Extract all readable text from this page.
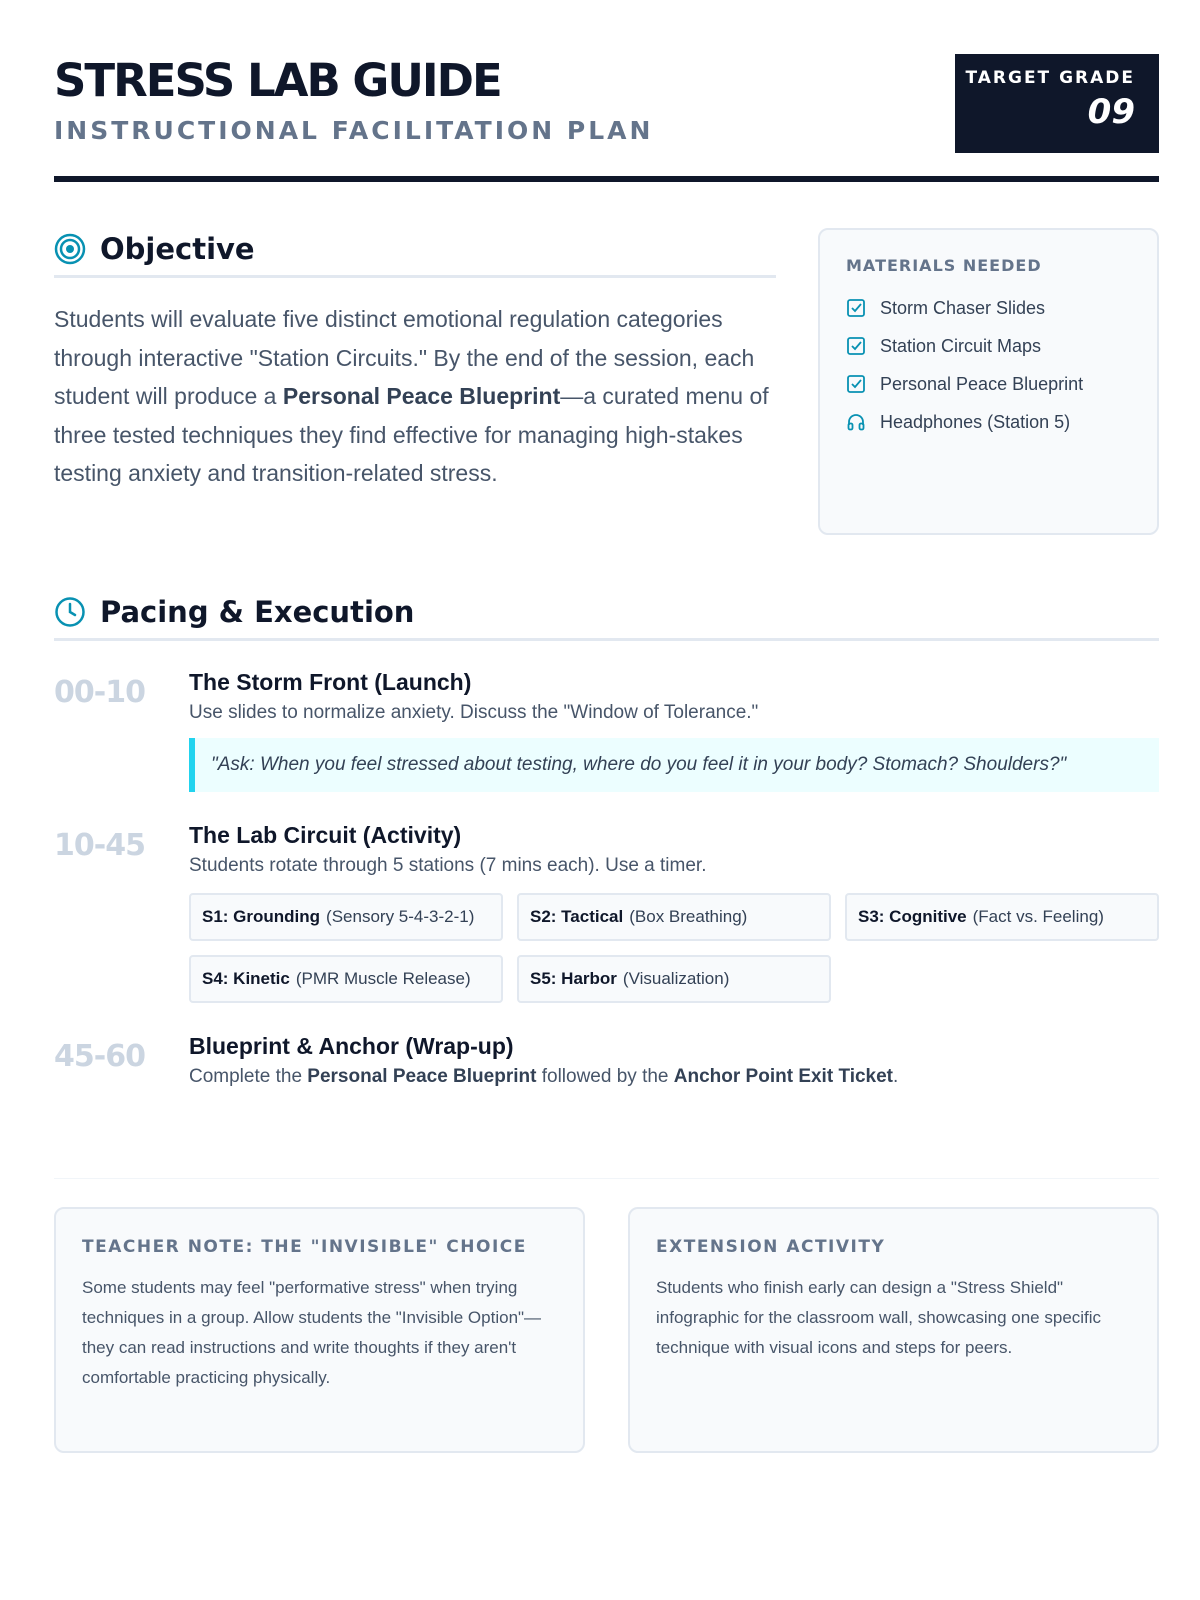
STRESS LAB GUIDE
INSTRUCTIONAL FACILITATION PLAN
TARGET GRADE
09
Objective

Students will evaluate five distinct emotional regulation categories through interactive "Station Circuits." By the end of the session, each student will produce a Personal Peace Blueprint—a curated menu of three tested techniques they find effective for managing high-stakes testing anxiety and transition-related stress.

MATERIALS NEEDED
Storm Chaser Slides
Station Circuit Maps
Personal Peace Blueprint
Headphones (Station 5)
Pacing & Execution
00-10 The Storm Front (Launch)
Use slides to normalize anxiety. Discuss the "Window of Tolerance."
"Ask: When you feel stressed about testing, where do you feel it in your body? Stomach? Shoulders?"
10-45 The Lab Circuit (Activity)
Students rotate through 5 stations (7 mins each). Use a timer.
S1: Grounding (Sensory 5-4-3-2-1)	S2: Tactical (Box Breathing)	S3: Cognitive (Fact vs. Feeling)
S4: Kinetic (PMR Muscle Release)	S5: Harbor (Visualization)
45-60 Blueprint & Anchor (Wrap-up)
Complete the Personal Peace Blueprint followed by the Anchor Point Exit Ticket.
TEACHER NOTE: THE "INVISIBLE" CHOICE

Some students may feel "performative stress" when trying techniques in a group. Allow students the "Invisible Option"—they can read instructions and write thoughts if they aren't comfortable practicing physically.

EXTENSION ACTIVITY

Students who finish early can design a "Stress Shield" infographic for the classroom wall, showcasing one specific technique with visual icons and steps for peers.
